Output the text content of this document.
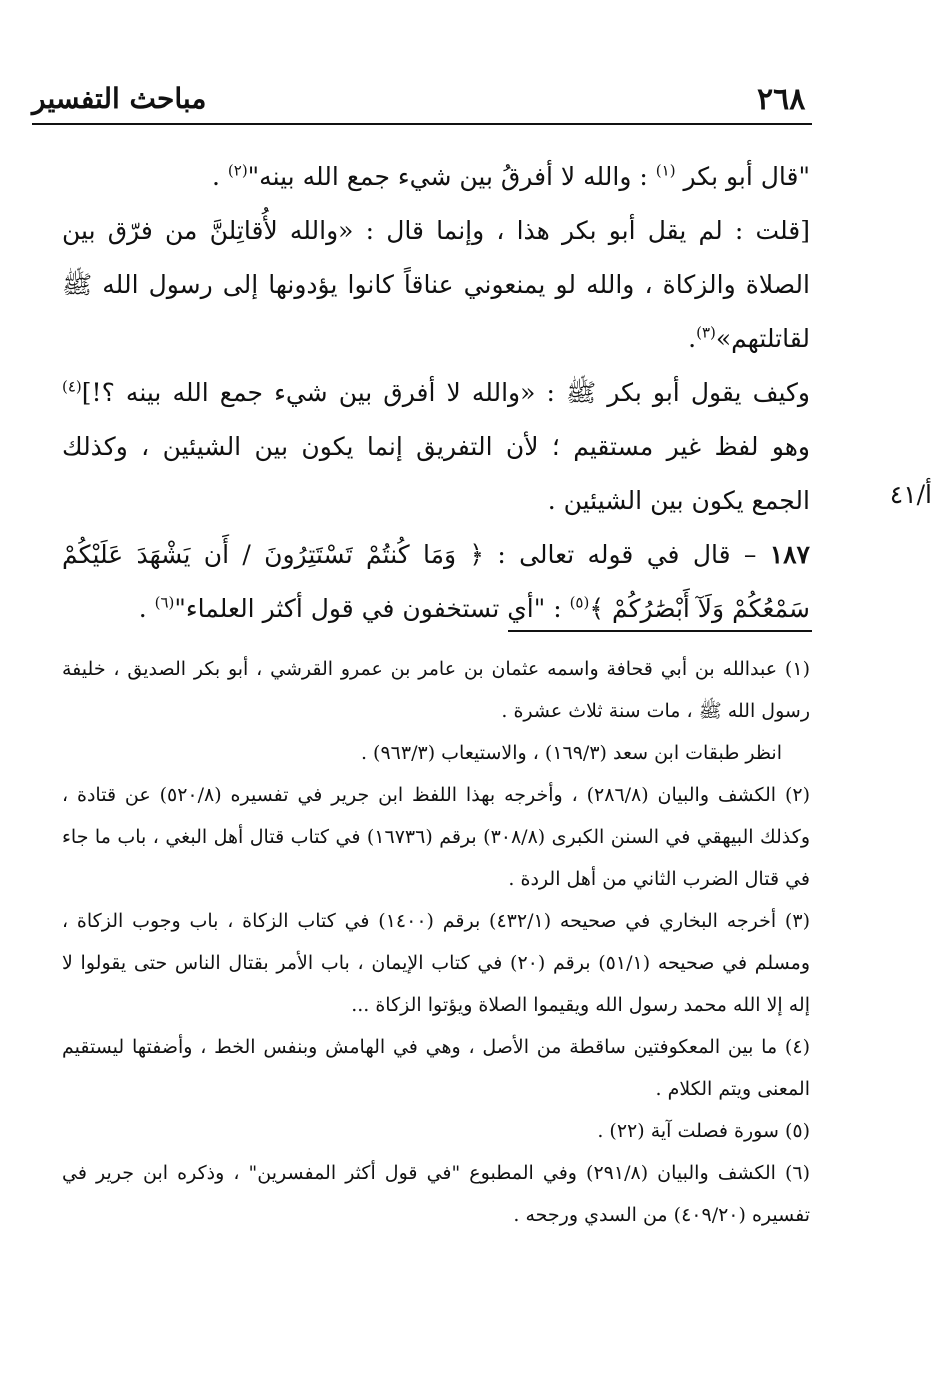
٢٦٨
مباحث التفسير
أ/٤١

"قال أبو بكر $^{(١)}$ : والله لا أفرقُ بين شيء جمع الله بينه"$^{(٢)}$ .

[قلت : لم يقل أبو بكر هذا ، وإنما قال : «والله لأُقاتِلنَّ من فرّق بين الصلاة والزكاة ، والله لو يمنعوني عناقاً كانوا يؤدونها إلى رسول الله ﷺ لقاتلتهم»$^{(٣)}$.

وكيف يقول أبو بكر ﷺ : «والله لا أفرق بين شيء جمع الله بينه ؟!]$^{(٤)}$ وهو لفظ غير مستقيم ؛ لأن التفريق إنما يكون بين الشيئين ، وكذلك الجمع يكون بين الشيئين .

١٨٧ – قال في قوله تعالى : ﴿ وَمَا كُنتُمْ تَسْتَتِرُونَ / أَن يَشْهَدَ عَلَيْكُمْ سَمْعُكُمْ وَلَآ أَبْصَٰرُكُمْ ﴾$^{(٥)}$ : "أي تستخفون في قول أكثر العلماء"$^{(٦)}$ .

(١) عبدالله بن أبي قحافة واسمه عثمان بن عامر بن عمرو القرشي ، أبو بكر الصديق ، خليفة رسول الله ﷺ ، مات سنة ثلاث عشرة .

انظر طبقات ابن سعد (١٦٩/٣) ، والاستيعاب (٩٦٣/٣) .

(٢) الكشف والبيان (٢٨٦/٨) ، وأخرجه بهذا اللفظ ابن جرير في تفسيره (٥٢٠/٨) عن قتادة ، وكذلك البيهقي في السنن الكبرى (٣٠٨/٨) برقم (١٦٧٣٦) في كتاب قتال أهل البغي ، باب ما جاء في قتال الضرب الثاني من أهل الردة .

(٣) أخرجه البخاري في صحيحه (٤٣٢/١) برقم (١٤٠٠) في كتاب الزكاة ، باب وجوب الزكاة ، ومسلم في صحيحه (٥١/١) برقم (٢٠) في كتاب الإيمان ، باب الأمر بقتال الناس حتى يقولوا لا إله إلا الله محمد رسول الله ويقيموا الصلاة ويؤتوا الزكاة ...

(٤) ما بين المعكوفتين ساقطة من الأصل ، وهي في الهامش وبنفس الخط ، وأضفتها ليستقيم المعنى ويتم الكلام .

(٥) سورة فصلت آية (٢٢) .

(٦) الكشف والبيان (٢٩١/٨) وفي المطبوع "في قول أكثر المفسرين" ، وذكره ابن جرير في تفسيره (٤٠٩/٢٠) من السدي ورجحه .
